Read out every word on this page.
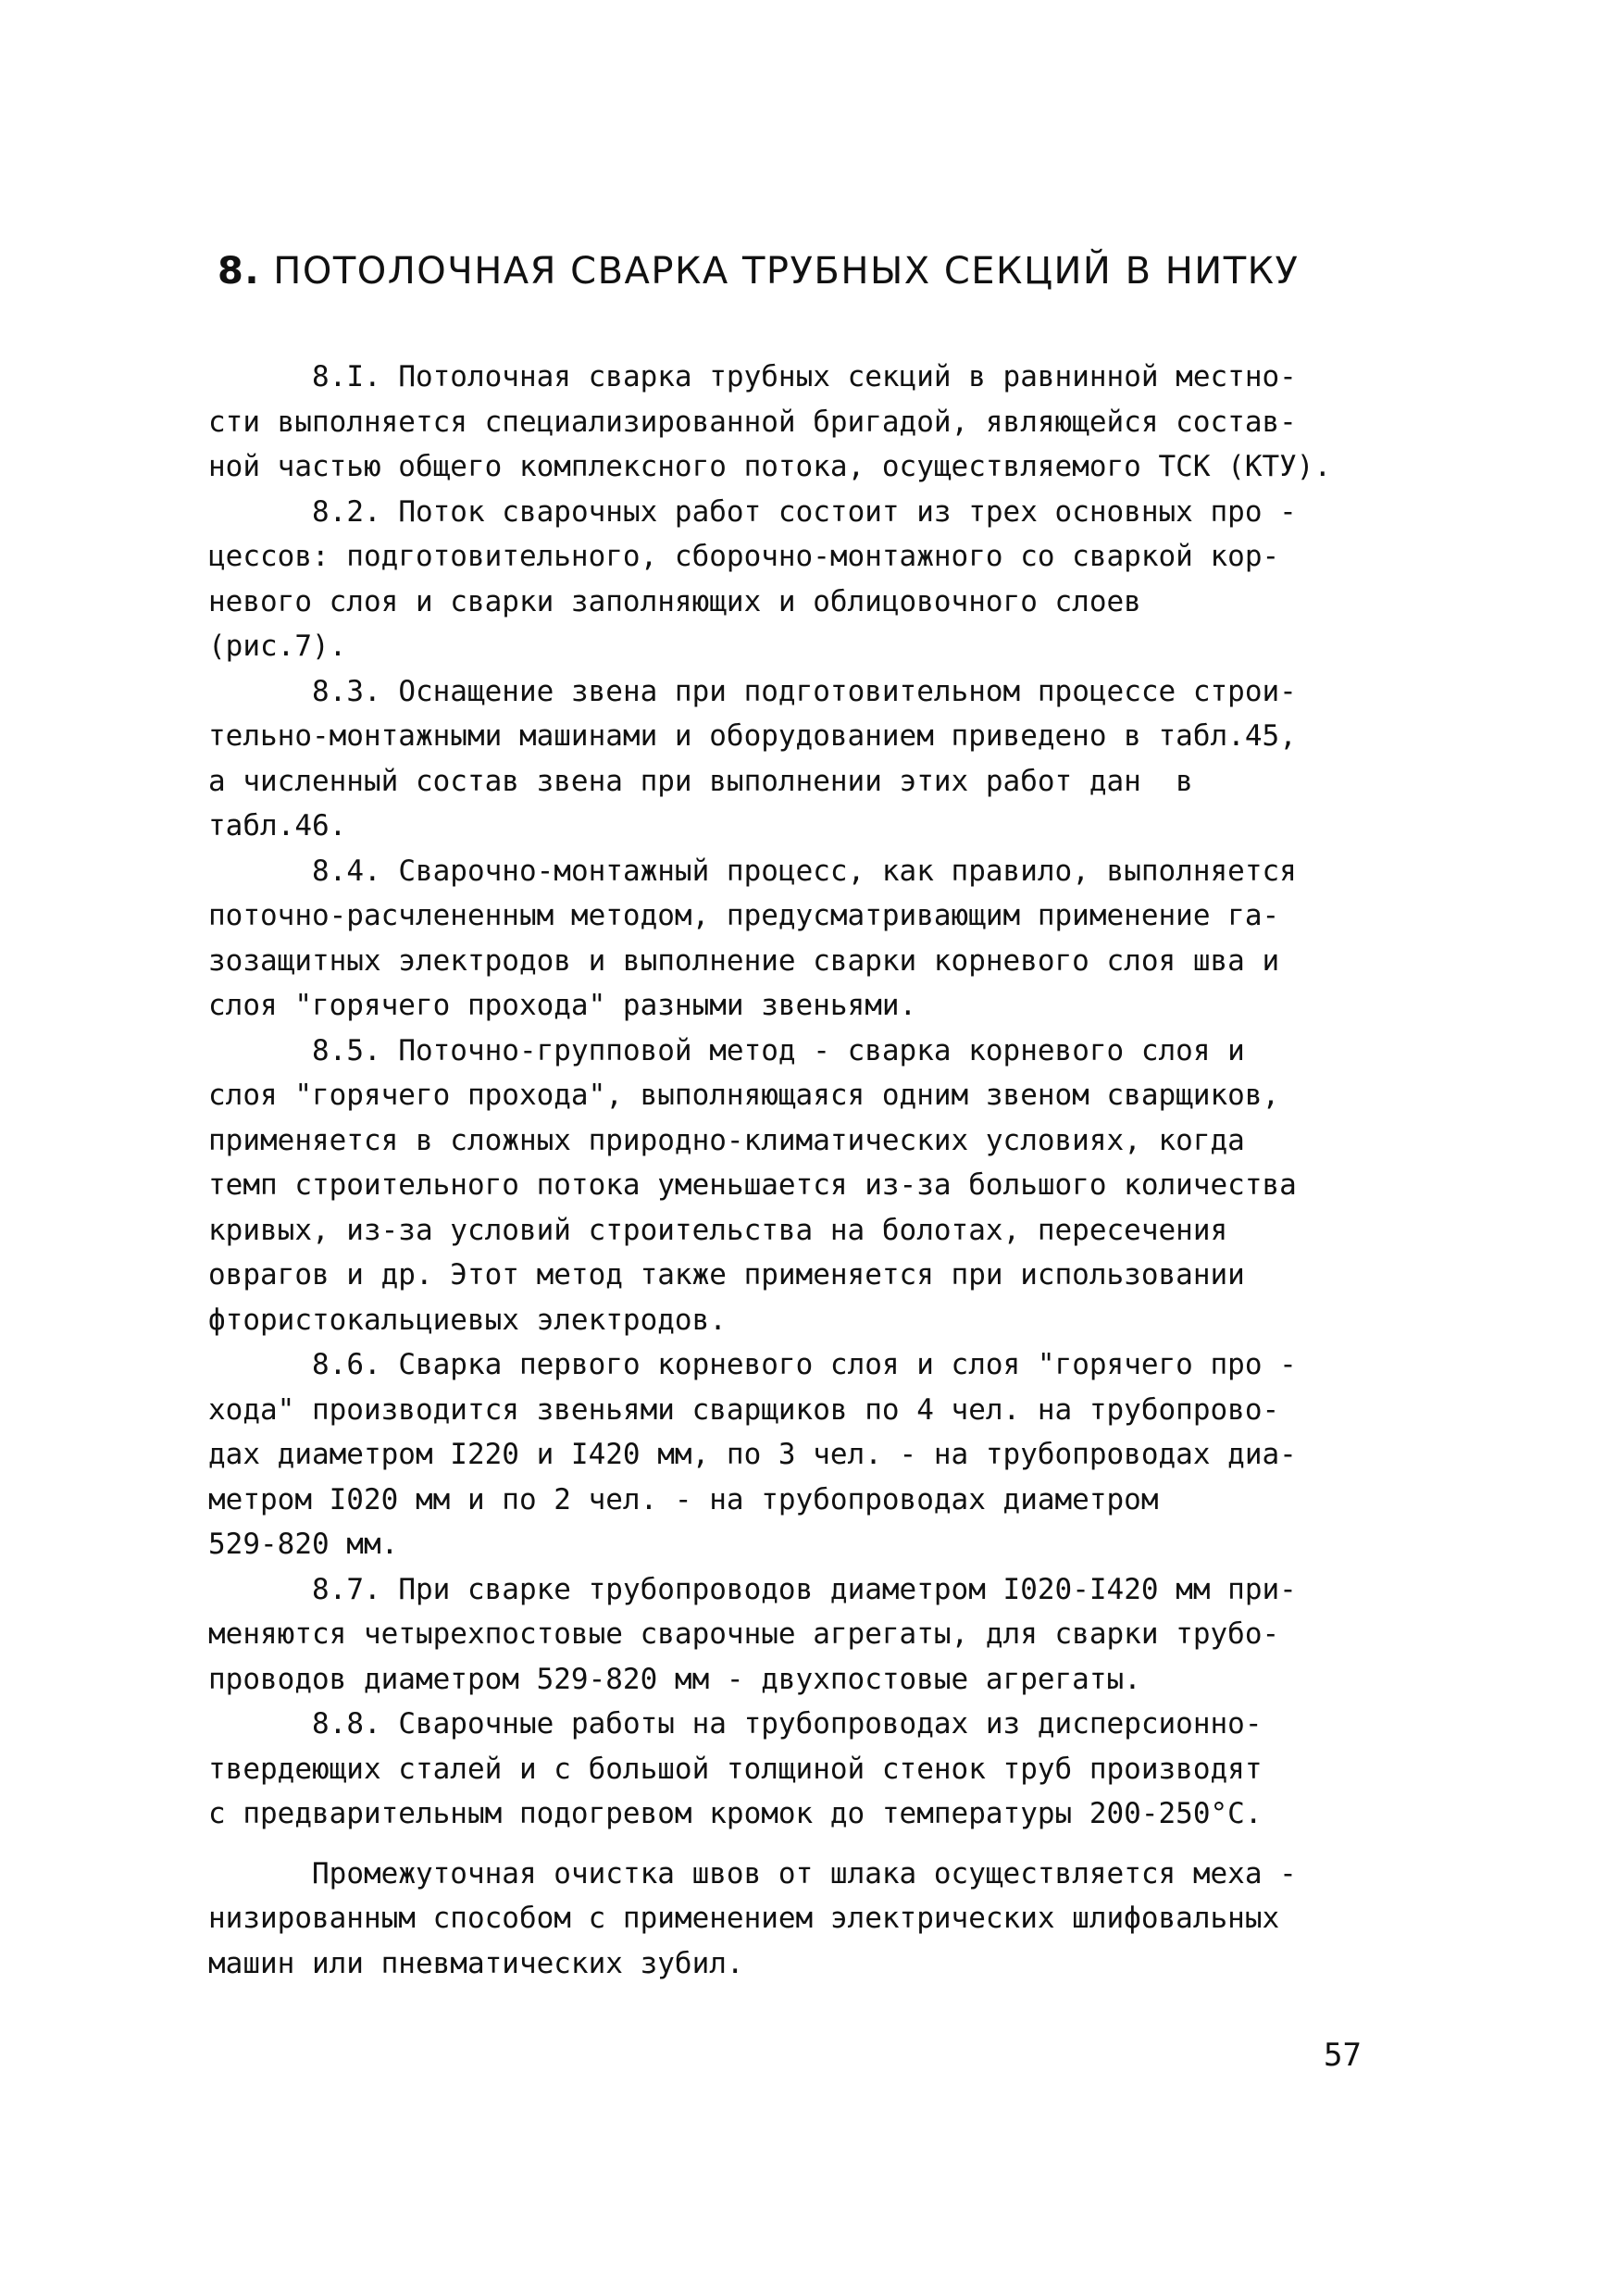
8. ПОТОЛОЧНАЯ СВАРКА ТРУБНЫХ СЕКЦИЙ В НИТКУ
8.I. Потолочная сварка трубных секций в равнинной местно-
сти выполняется специализированной бригадой, являющейся состав-
ной частью общего комплексного потока, осуществляемого ТСК (КТУ).
8.2. Поток сварочных работ состоит из трех основных про -
цессов: подготовительного, сборочно-монтажного со сваркой кор-
невого слоя и сварки заполняющих и облицовочного слоев
(рис.7).
8.3. Оснащение звена при подготовительном процессе строи-
тельно-монтажными машинами и оборудованием приведено в табл.45,
а численный состав звена при выполнении этих работ дан  в
табл.46.
8.4. Сварочно-монтажный процесс, как правило, выполняется
поточно-расчлененным методом, предусматривающим применение га-
зозащитных электродов и выполнение сварки корневого слоя шва и
слоя "горячего прохода" разными звеньями.
8.5. Поточно-групповой метод - сварка корневого слоя и
слоя "горячего прохода", выполняющаяся одним звеном сварщиков,
применяется в сложных природно-климатических условиях, когда
темп строительного потока уменьшается из-за большого количества
кривых, из-за условий строительства на болотах, пересечения
оврагов и др. Этот метод также применяется при использовании
фтористокальциевых электродов.
8.6. Сварка первого корневого слоя и слоя "горячего про -
хода" производится звеньями сварщиков по 4 чел. на трубопрово-
дах диаметром I220 и I420 мм, по 3 чел. - на трубопроводах диа-
метром I020 мм и по 2 чел. - на трубопроводах диаметром
529-820 мм.
8.7. При сварке трубопроводов диаметром I020-I420 мм при-
меняются четырехпостовые сварочные агрегаты, для сварки трубо-
проводов диаметром 529-820 мм - двухпостовые агрегаты.
8.8. Сварочные работы на трубопроводах из дисперсионно-
твердеющих сталей и с большой толщиной стенок труб производят
с предварительным подогревом кромок до температуры 200-250°С.
Промежуточная очистка швов от шлака осуществляется меха -
низированным способом с применением электрических шлифовальных
машин или пневматических зубил.
57
